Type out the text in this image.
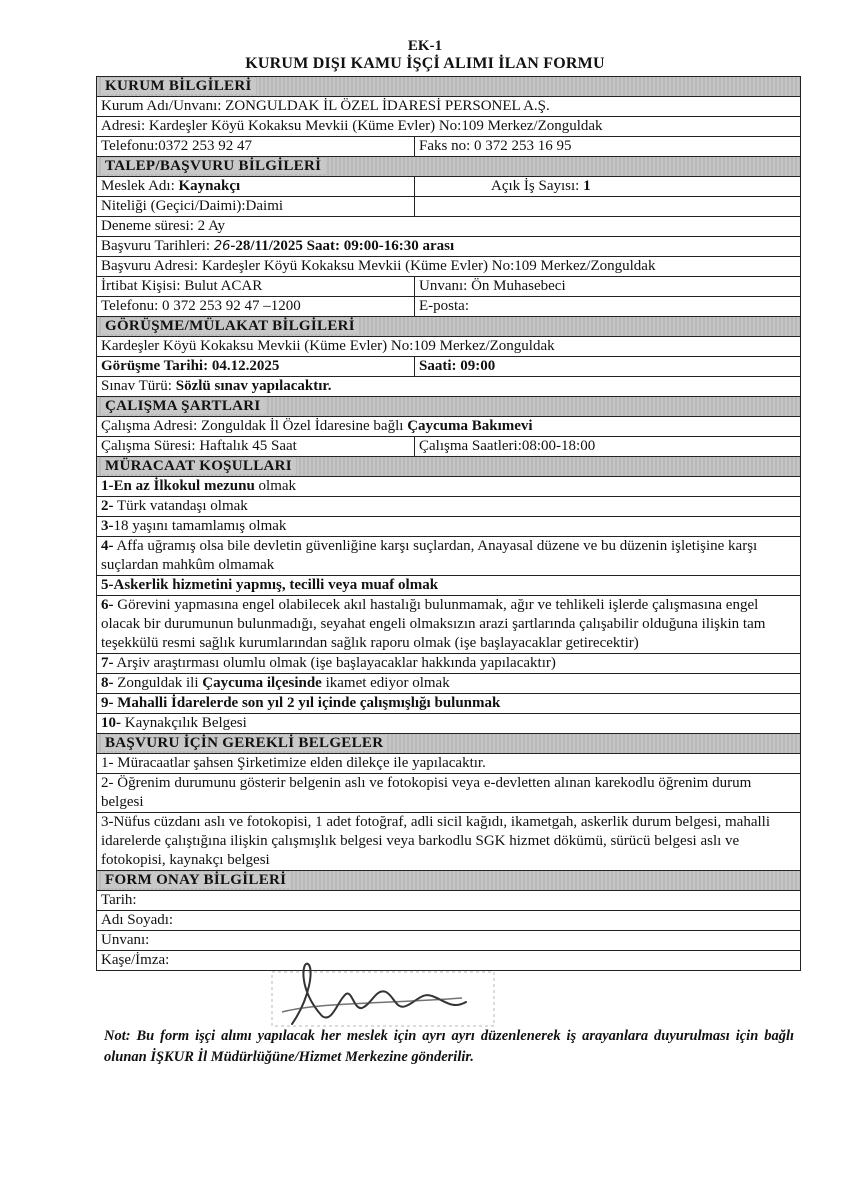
EK-1
KURUM DIŞI KAMU İŞÇİ ALIMI İLAN FORMU
KURUM BİLGİLERİ	
Kurum Adı/Unvanı: ZONGULDAK İL ÖZEL İDARESİ PERSONEL A.Ş.	
Adresi: Kardeşler Köyü Kokaksu Mevkii (Küme Evler) No:109 Merkez/Zonguldak	
Telefonu:0372 253 92 47	Faks no: 0 372 253 16 95
TALEP/BAŞVURU BİLGİLERİ	
Meslek Adı: Kaynakçı	Açık İş Sayısı: 1
Niteliği (Geçici/Daimi):Daimi	
Deneme süresi: 2 Ay	
Başvuru Tarihleri: 26-28/11/2025 Saat: 09:00-16:30 arası	
Başvuru Adresi: Kardeşler Köyü Kokaksu Mevkii (Küme Evler) No:109 Merkez/Zonguldak	
İrtibat Kişisi: Bulut ACAR	Unvanı: Ön Muhasebeci
Telefonu: 0 372 253 92 47 –1200	E-posta:
GÖRÜŞME/MÜLAKAT BİLGİLERİ	
Kardeşler Köyü Kokaksu Mevkii (Küme Evler) No:109 Merkez/Zonguldak	
Görüşme Tarihi: 04.12.2025	Saati: 09:00
Sınav Türü: Sözlü sınav yapılacaktır.	
ÇALIŞMA ŞARTLARI	
Çalışma Adresi: Zonguldak İl Özel İdaresine bağlı Çaycuma Bakımevi	
Çalışma Süresi: Haftalık 45 Saat	Çalışma Saatleri:08:00-18:00
MÜRACAAT KOŞULLARI	
1-En az İlkokul mezunu olmak	
2- Türk vatandaşı olmak	
3-18 yaşını tamamlamış olmak	
4- Affa uğramış olsa bile devletin güvenliğine karşı suçlardan, Anayasal düzene ve bu düzenin işletişine karşı suçlardan mahkûm olmamak	
5-Askerlik hizmetini yapmış, tecilli veya muaf olmak	
6- Görevini yapmasına engel olabilecek akıl hastalığı bulunmamak, ağır ve tehlikeli işlerde çalışmasına engel olacak bir durumunun bulunmadığı, seyahat engeli olmaksızın arazi şartlarında çalışabilir olduğuna ilişkin tam teşekkülü resmi sağlık kurumlarından sağlık raporu olmak (işe başlayacaklar getirecektir)	
7- Arşiv araştırması olumlu olmak (işe başlayacaklar hakkında yapılacaktır)	
8- Zonguldak ili Çaycuma ilçesinde ikamet ediyor olmak	
9- Mahalli İdarelerde son yıl 2 yıl içinde çalışmışlığı bulunmak	
10- Kaynakçılık Belgesi	
BAŞVURU İÇİN GEREKLİ BELGELER	
1- Müracaatlar şahsen Şirketimize elden dilekçe ile yapılacaktır.	
2- Öğrenim durumunu gösterir belgenin aslı ve fotokopisi veya e-devletten alınan karekodlu öğrenim durum belgesi	
3-Nüfus cüzdanı aslı ve fotokopisi, 1 adet fotoğraf, adli sicil kağıdı, ikametgah, askerlik durum belgesi, mahalli idarelerde çalıştığına ilişkin çalışmışlık belgesi veya barkodlu SGK hizmet dökümü, sürücü belgesi aslı ve fotokopisi, kaynakçı belgesi	
FORM ONAY BİLGİLERİ	
Tarih:	
Adı Soyadı:	
Unvanı:	
Kaşe/İmza:	
Not: Bu form işçi alımı yapılacak her meslek için ayrı ayrı düzenlenerek iş arayanlara duyurulması için bağlı olunan İŞKUR İl Müdürlüğüne/Hizmet Merkezine gönderilir.
